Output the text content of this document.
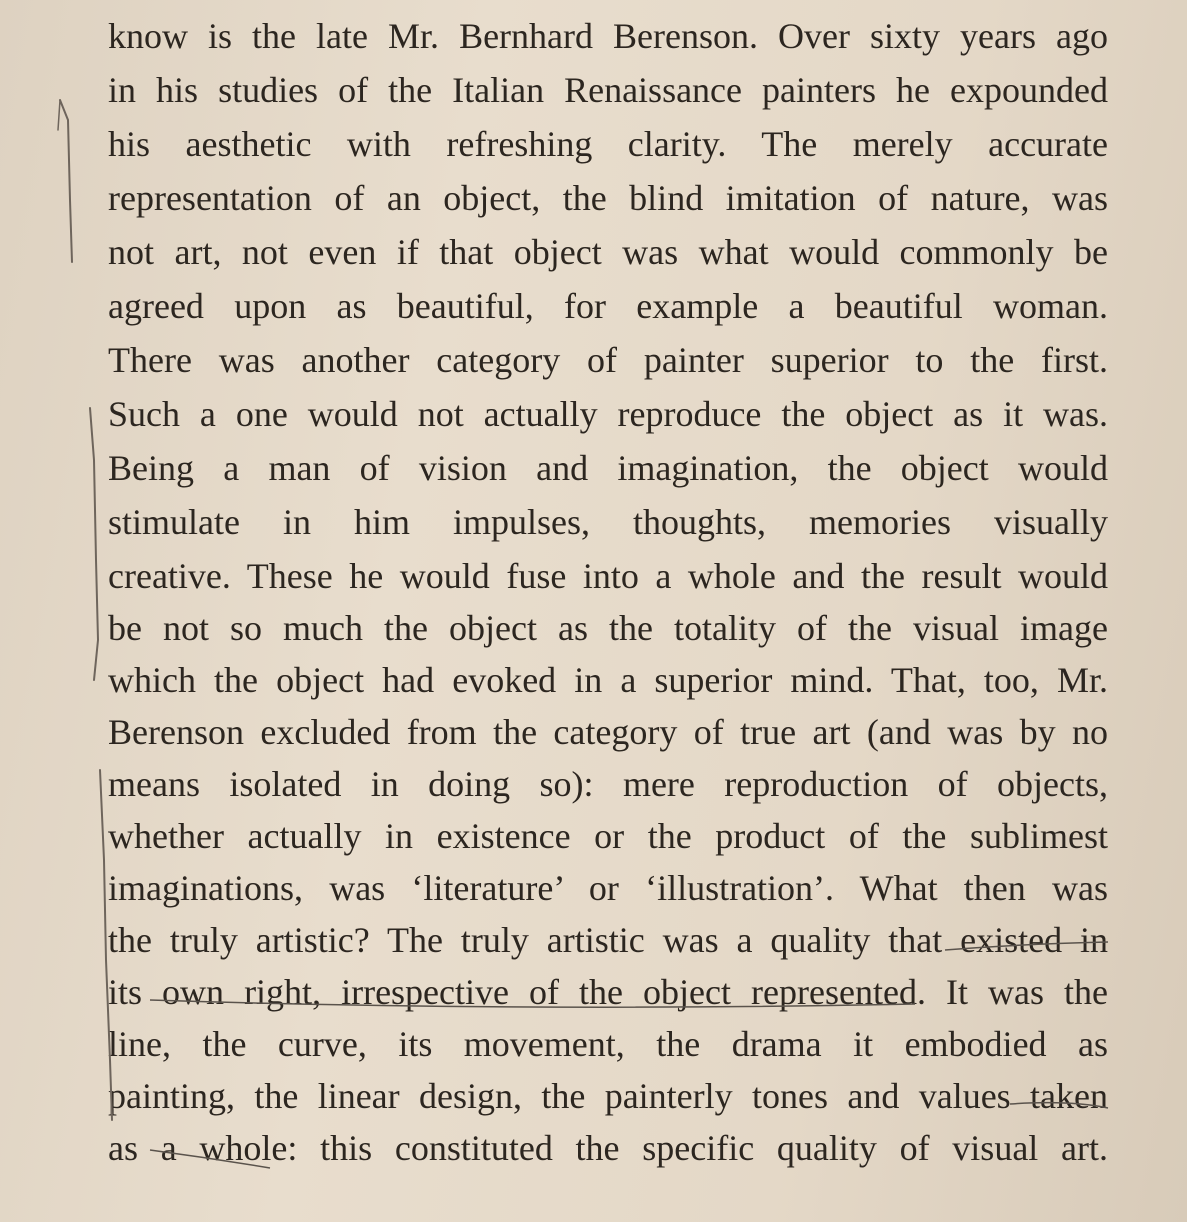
know is the late Mr. Bernhard Berenson. Over sixty years ago
in his studies of the Italian Renaissance painters he expounded
his aesthetic with refreshing clarity. The merely accurate
representation of an object, the blind imitation of nature, was
not art, not even if that object was what would commonly be
agreed upon as beautiful, for example a beautiful woman.
There was another category of painter superior to the first.
Such a one would not actually reproduce the object as it was.
Being a man of vision and imagination, the object would
stimulate in him impulses, thoughts, memories visually
creative. These he would fuse into a whole and the result would
be not so much the object as the totality of the visual image
which the object had evoked in a superior mind. That, too, Mr.
Berenson excluded from the category of true art (and was by no
means isolated in doing so): mere reproduction of objects,
whether actually in existence or the product of the sublimest
imaginations, was ‘literature’ or ‘illustration’. What then was
the truly artistic? The truly artistic was a quality that existed in
its own right, irrespective of the object represented. It was the
line, the curve, its movement, the drama it embodied as
painting, the linear design, the painterly tones and values taken
as a whole: this constituted the specific quality of visual art.
